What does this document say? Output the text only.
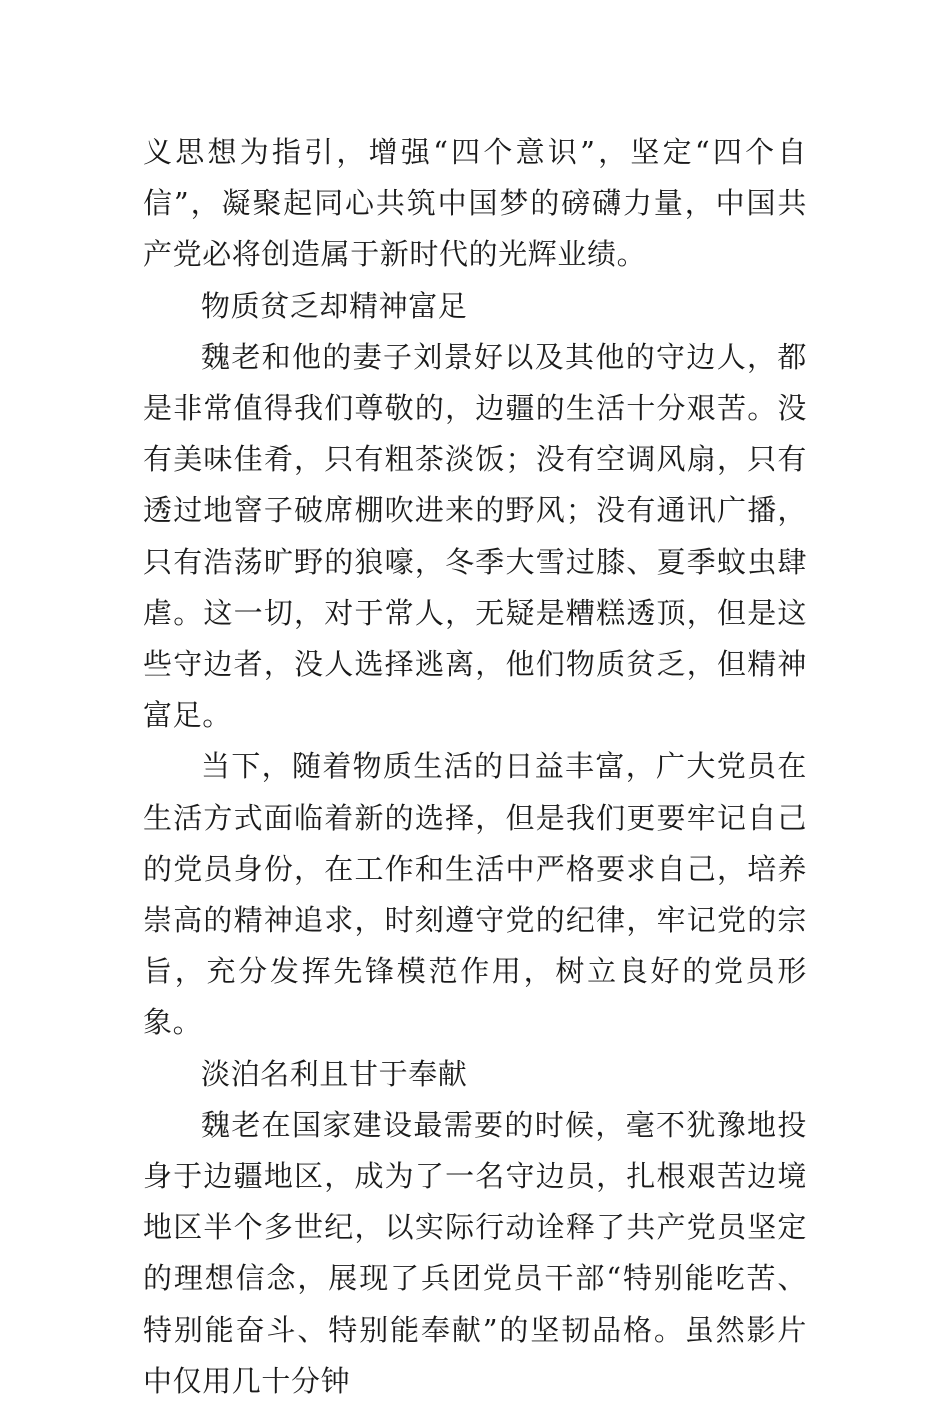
义思想为指引，增强“四个意识”，坚定“四个自信”，凝聚起同心共筑中国梦的磅礴力量，中国共产党必将创造属于新时代的光辉业绩。

物质贫乏却精神富足

魏老和他的妻子刘景好以及其他的守边人，都是非常值得我们尊敬的，边疆的生活十分艰苦。没有美味佳肴，只有粗茶淡饭；没有空调风扇，只有透过地窨子破席棚吹进来的野风；没有通讯广播，只有浩荡旷野的狼嚎，冬季大雪过膝、夏季蚊虫肆虐。这一切，对于常人，无疑是糟糕透顶，但是这些守边者，没人选择逃离，他们物质贫乏，但精神富足。

当下，随着物质生活的日益丰富，广大党员在生活方式面临着新的选择，但是我们更要牢记自己的党员身份，在工作和生活中严格要求自己，培养崇高的精神追求，时刻遵守党的纪律，牢记党的宗旨，充分发挥先锋模范作用，树立良好的党员形象。

淡泊名利且甘于奉献

魏老在国家建设最需要的时候，毫不犹豫地投身于边疆地区，成为了一名守边员，扎根艰苦边境地区半个多世纪，以实际行动诠释了共产党员坚定的理想信念，展现了兵团党员干部“特别能吃苦、特别能奋斗、特别能奉献”的坚韧品格。虽然影片中仅用几十分钟
